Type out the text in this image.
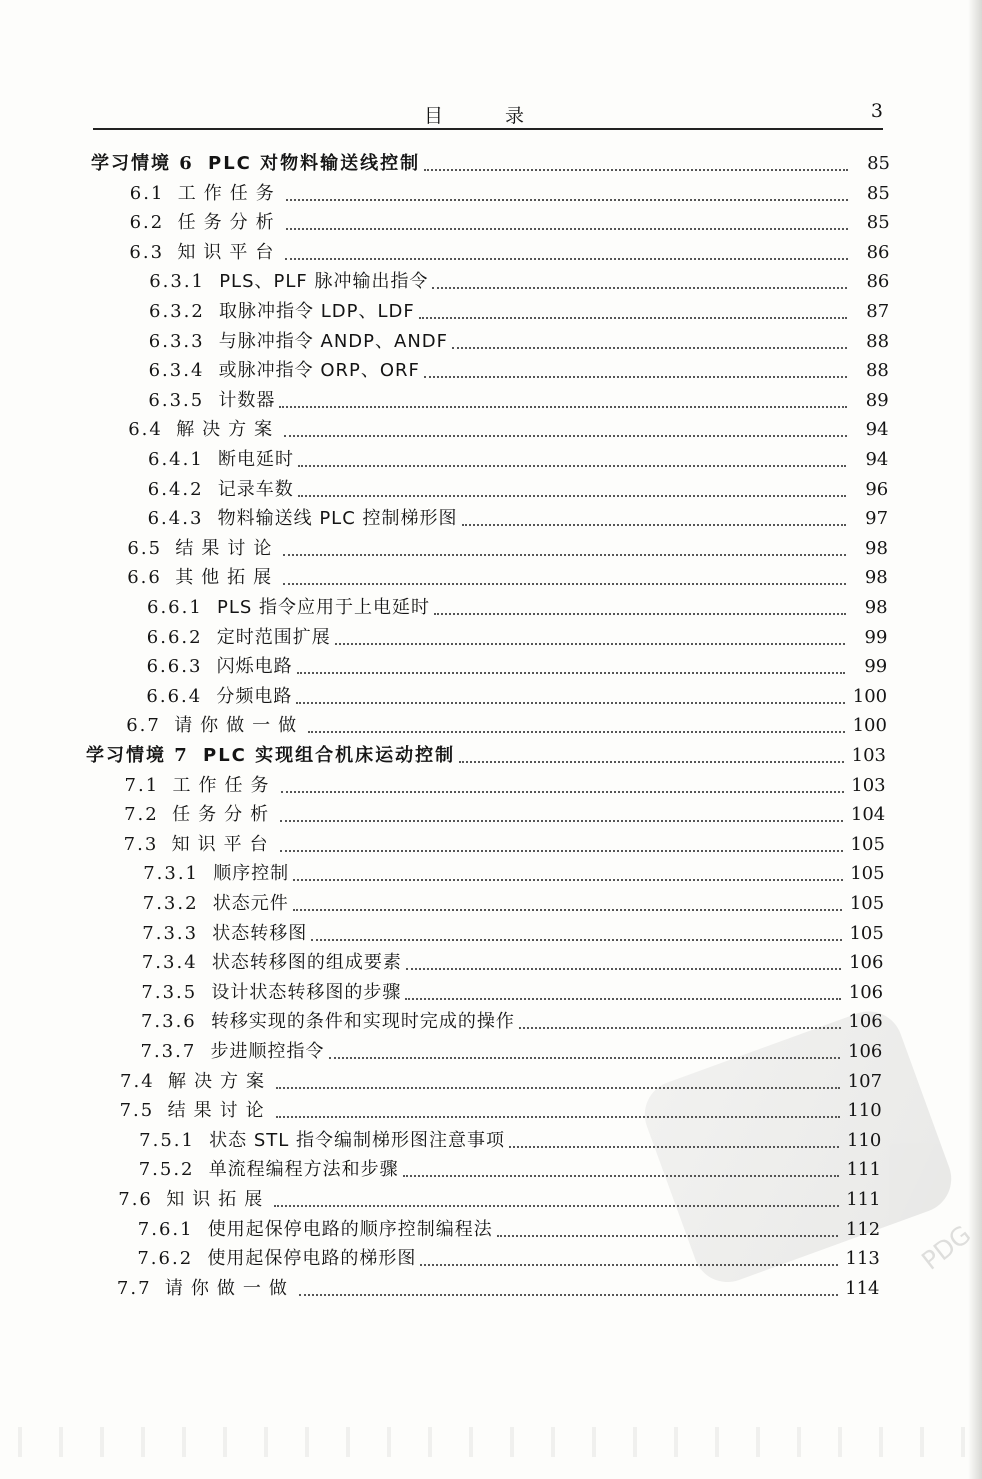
PDG
目 录	3
学习情境 6 PLC 对物料输送线控制	85
6.1 工作任务	85
6.2 任务分析	85
6.3 知识平台	86
6.3.1 PLS、PLF 脉冲输出指令	86
6.3.2 取脉冲指令 LDP、LDF	87
6.3.3 与脉冲指令 ANDP、ANDF	88
6.3.4 或脉冲指令 ORP、ORF	88
6.3.5 计数器	89
6.4 解决方案	94
6.4.1 断电延时	94
6.4.2 记录车数	96
6.4.3 物料输送线 PLC 控制梯形图	97
6.5 结果讨论	98
6.6 其他拓展	98
6.6.1 PLS 指令应用于上电延时	98
6.6.2 定时范围扩展	99
6.6.3 闪烁电路	99
6.6.4 分频电路	100
6.7 请你做一做	100
学习情境 7 PLC 实现组合机床运动控制	103
7.1 工作任务	103
7.2 任务分析	104
7.3 知识平台	105
7.3.1 顺序控制	105
7.3.2 状态元件	105
7.3.3 状态转移图	105
7.3.4 状态转移图的组成要素	106
7.3.5 设计状态转移图的步骤	106
7.3.6 转移实现的条件和实现时完成的操作	106
7.3.7 步进顺控指令	106
7.4 解决方案	107
7.5 结果讨论	110
7.5.1 状态 STL 指令编制梯形图注意事项	110
7.5.2 单流程编程方法和步骤	111
7.6 知识拓展	111
7.6.1 使用起保停电路的顺序控制编程法	112
7.6.2 使用起保停电路的梯形图	113
7.7 请你做一做	114
